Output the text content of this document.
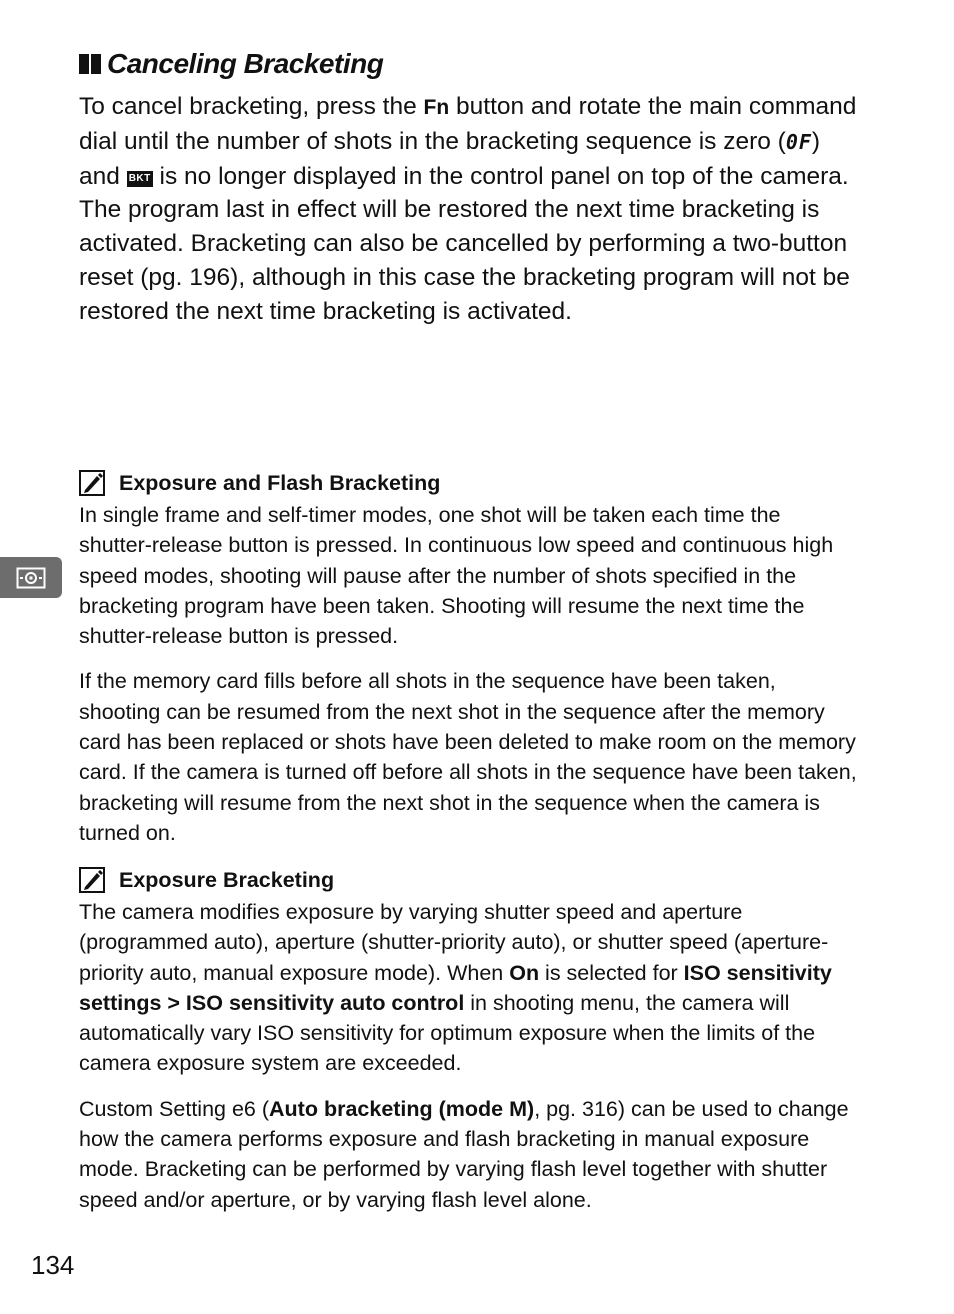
Canceling Bracketing

To cancel bracketing, press the Fn button and rotate the main command dial until the number of shots in the bracketing sequence is zero (0F) and BKT is no longer displayed in the control panel on top of the camera. The program last in effect will be restored the next time bracketing is activated. Bracketing can also be cancelled by performing a two-button reset (pg. 196), although in this case the bracketing program will not be restored the next time bracketing is activated.

Exposure and Flash Bracketing

In single frame and self-timer modes, one shot will be taken each time the shutter-release button is pressed. In continuous low speed and continuous high speed modes, shooting will pause after the number of shots specified in the bracketing program have been taken. Shooting will resume the next time the shutter-release button is pressed.

If the memory card fills before all shots in the sequence have been taken, shooting can be resumed from the next shot in the sequence after the memory card has been replaced or shots have been deleted to make room on the memory card. If the camera is turned off before all shots in the sequence have been taken, bracketing will resume from the next shot in the sequence when the camera is turned on.

Exposure Bracketing

The camera modifies exposure by varying shutter speed and aperture (programmed auto), aperture (shutter-priority auto), or shutter speed (aperture-priority auto, manual exposure mode). When On is selected for ISO sensitivity settings > ISO sensitivity auto control in shooting menu, the camera will automatically vary ISO sensitivity for optimum exposure when the limits of the camera exposure system are exceeded.

Custom Setting e6 (Auto bracketing (mode M), pg. 316) can be used to change how the camera performs exposure and flash bracketing in manual exposure mode. Bracketing can be performed by varying flash level together with shutter speed and/or aperture, or by varying flash level alone.

134
